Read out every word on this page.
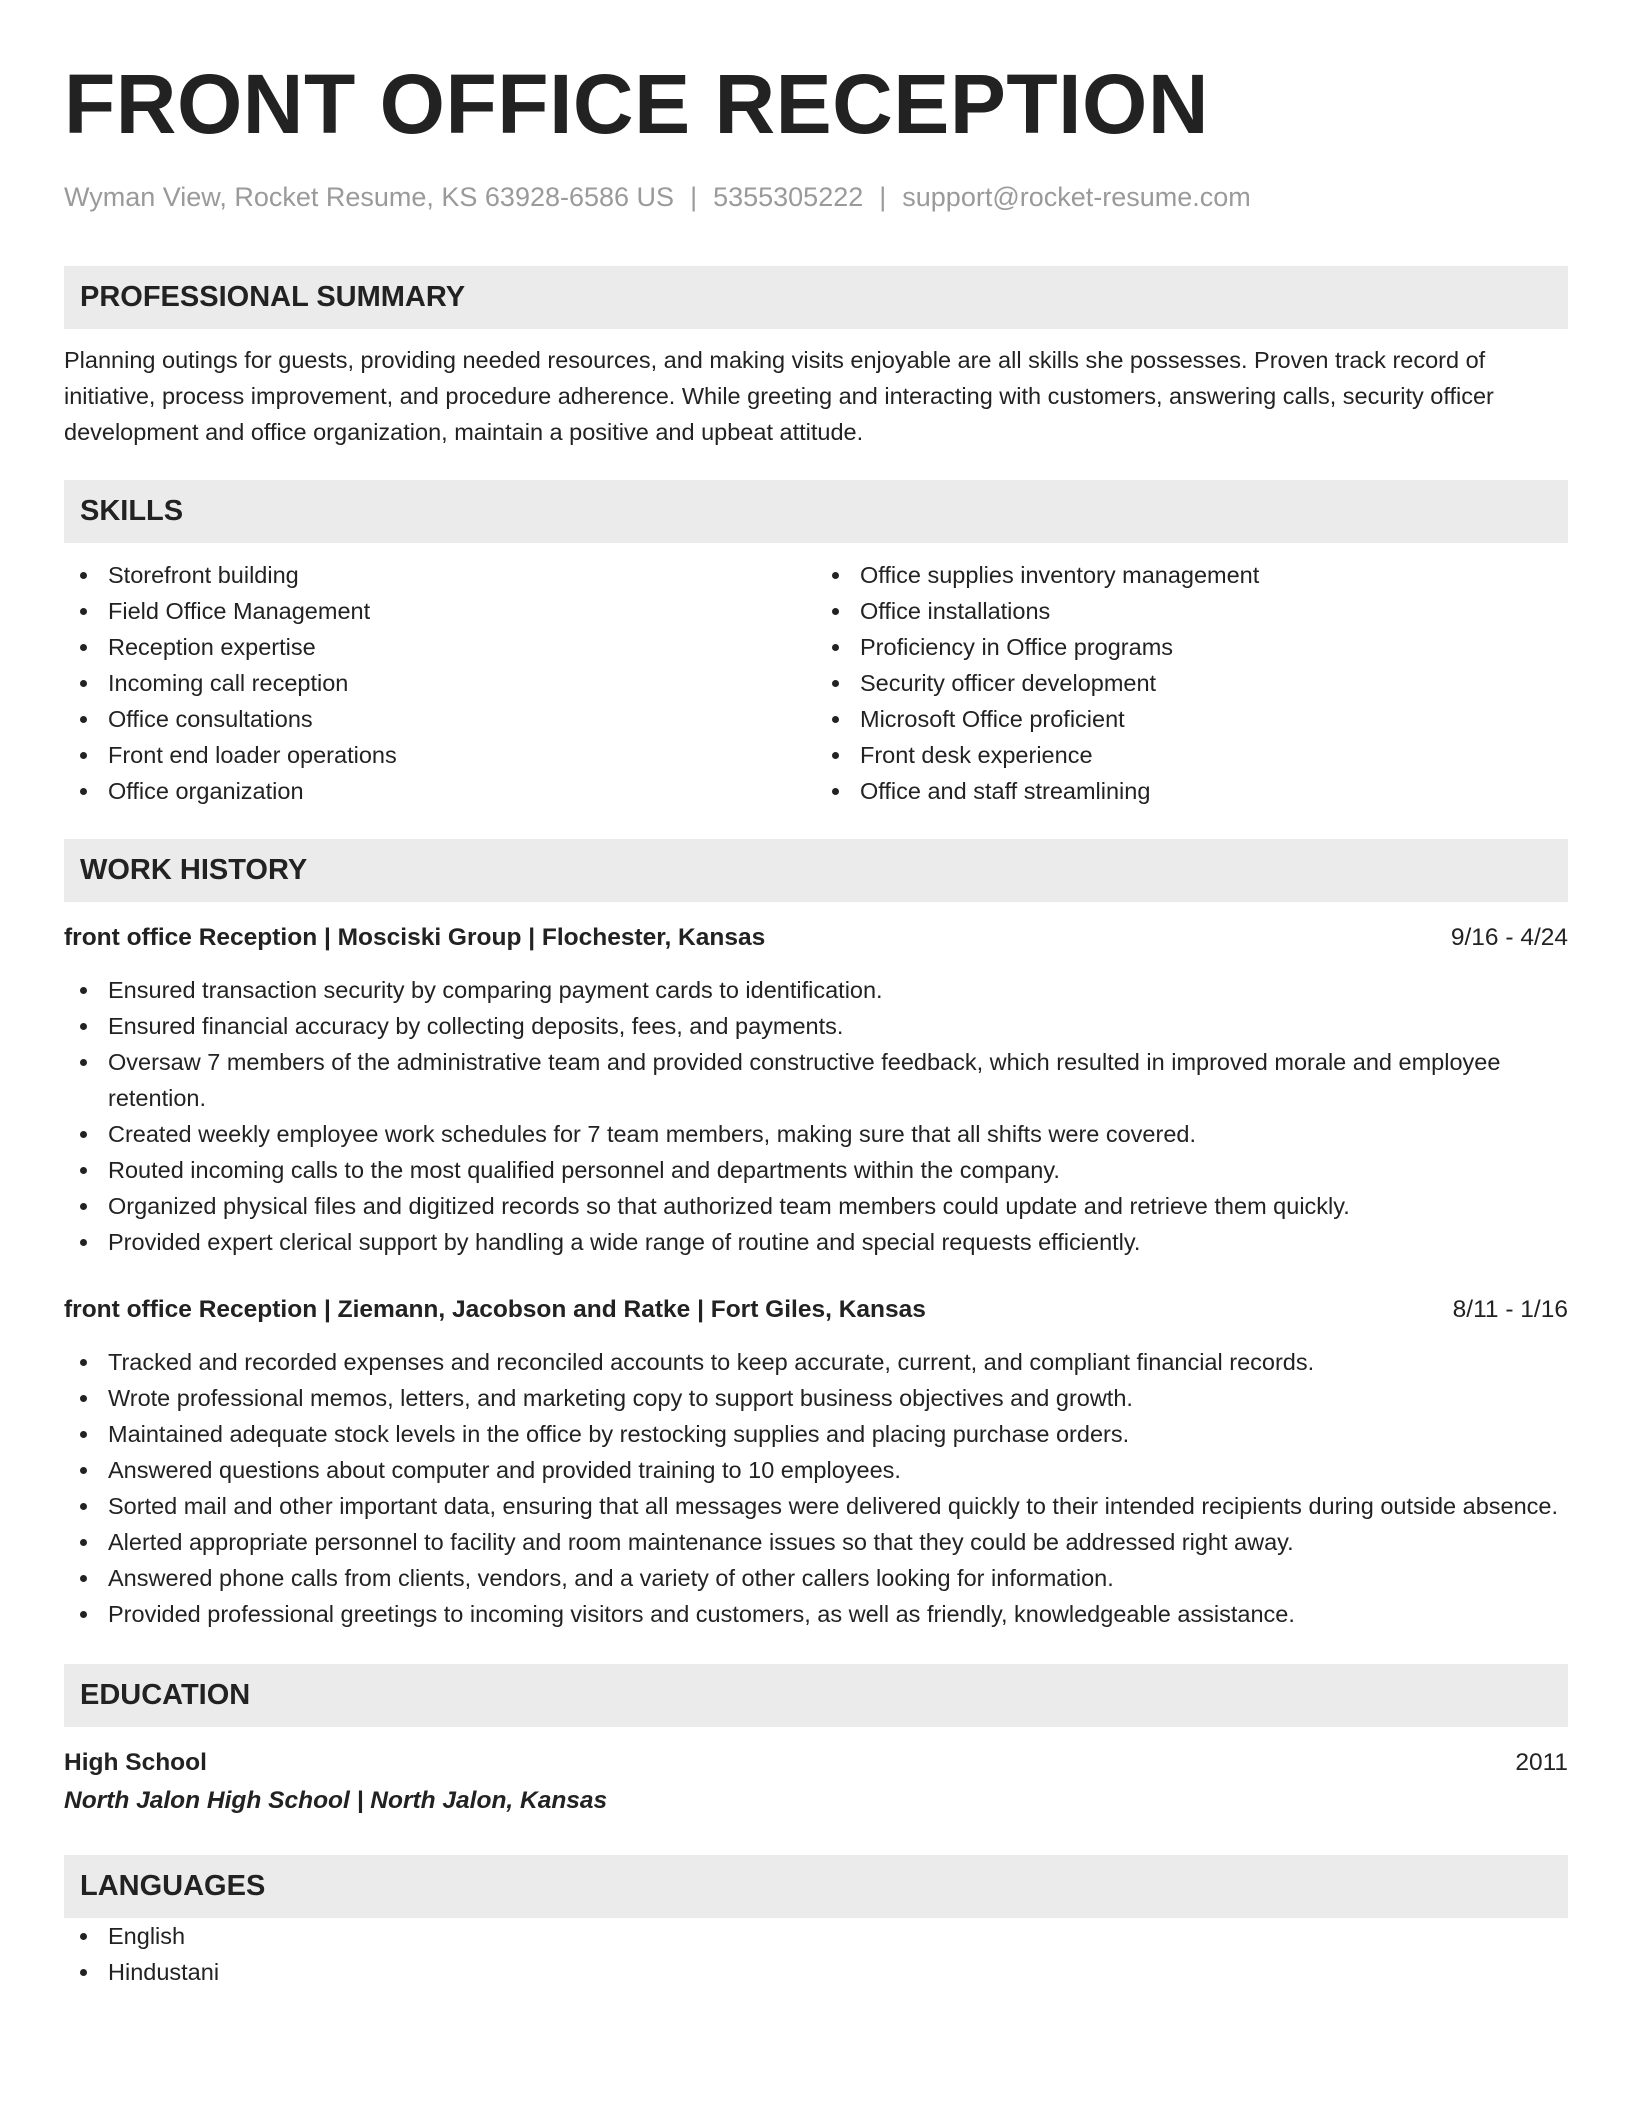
FRONT OFFICE RECEPTION
Wyman View, Rocket Resume, KS 63928-6586 US | 5355305222 | support@rocket-resume.com
PROFESSIONAL SUMMARY
Planning outings for guests, providing needed resources, and making visits enjoyable are all skills she possesses. Proven track record of initiative, process improvement, and procedure adherence. While greeting and interacting with customers, answering calls, security officer development and office organization, maintain a positive and upbeat attitude.
SKILLS
Storefront building
Field Office Management
Reception expertise
Incoming call reception
Office consultations
Front end loader operations
Office organization
Office supplies inventory management
Office installations
Proficiency in Office programs
Security officer development
Microsoft Office proficient
Front desk experience
Office and staff streamlining
WORK HISTORY
front office Reception | Mosciski Group | Flochester, Kansas	9/16 - 4/24
Ensured transaction security by comparing payment cards to identification.
Ensured financial accuracy by collecting deposits, fees, and payments.
Oversaw 7 members of the administrative team and provided constructive feedback, which resulted in improved morale and employee retention.
Created weekly employee work schedules for 7 team members, making sure that all shifts were covered.
Routed incoming calls to the most qualified personnel and departments within the company.
Organized physical files and digitized records so that authorized team members could update and retrieve them quickly.
Provided expert clerical support by handling a wide range of routine and special requests efficiently.
front office Reception | Ziemann, Jacobson and Ratke | Fort Giles, Kansas	8/11 - 1/16
Tracked and recorded expenses and reconciled accounts to keep accurate, current, and compliant financial records.
Wrote professional memos, letters, and marketing copy to support business objectives and growth.
Maintained adequate stock levels in the office by restocking supplies and placing purchase orders.
Answered questions about computer and provided training to 10 employees.
Sorted mail and other important data, ensuring that all messages were delivered quickly to their intended recipients during outside absence.
Alerted appropriate personnel to facility and room maintenance issues so that they could be addressed right away.
Answered phone calls from clients, vendors, and a variety of other callers looking for information.
Provided professional greetings to incoming visitors and customers, as well as friendly, knowledgeable assistance.
EDUCATION
High School	2011
North Jalon High School | North Jalon, Kansas
LANGUAGES
English
Hindustani
